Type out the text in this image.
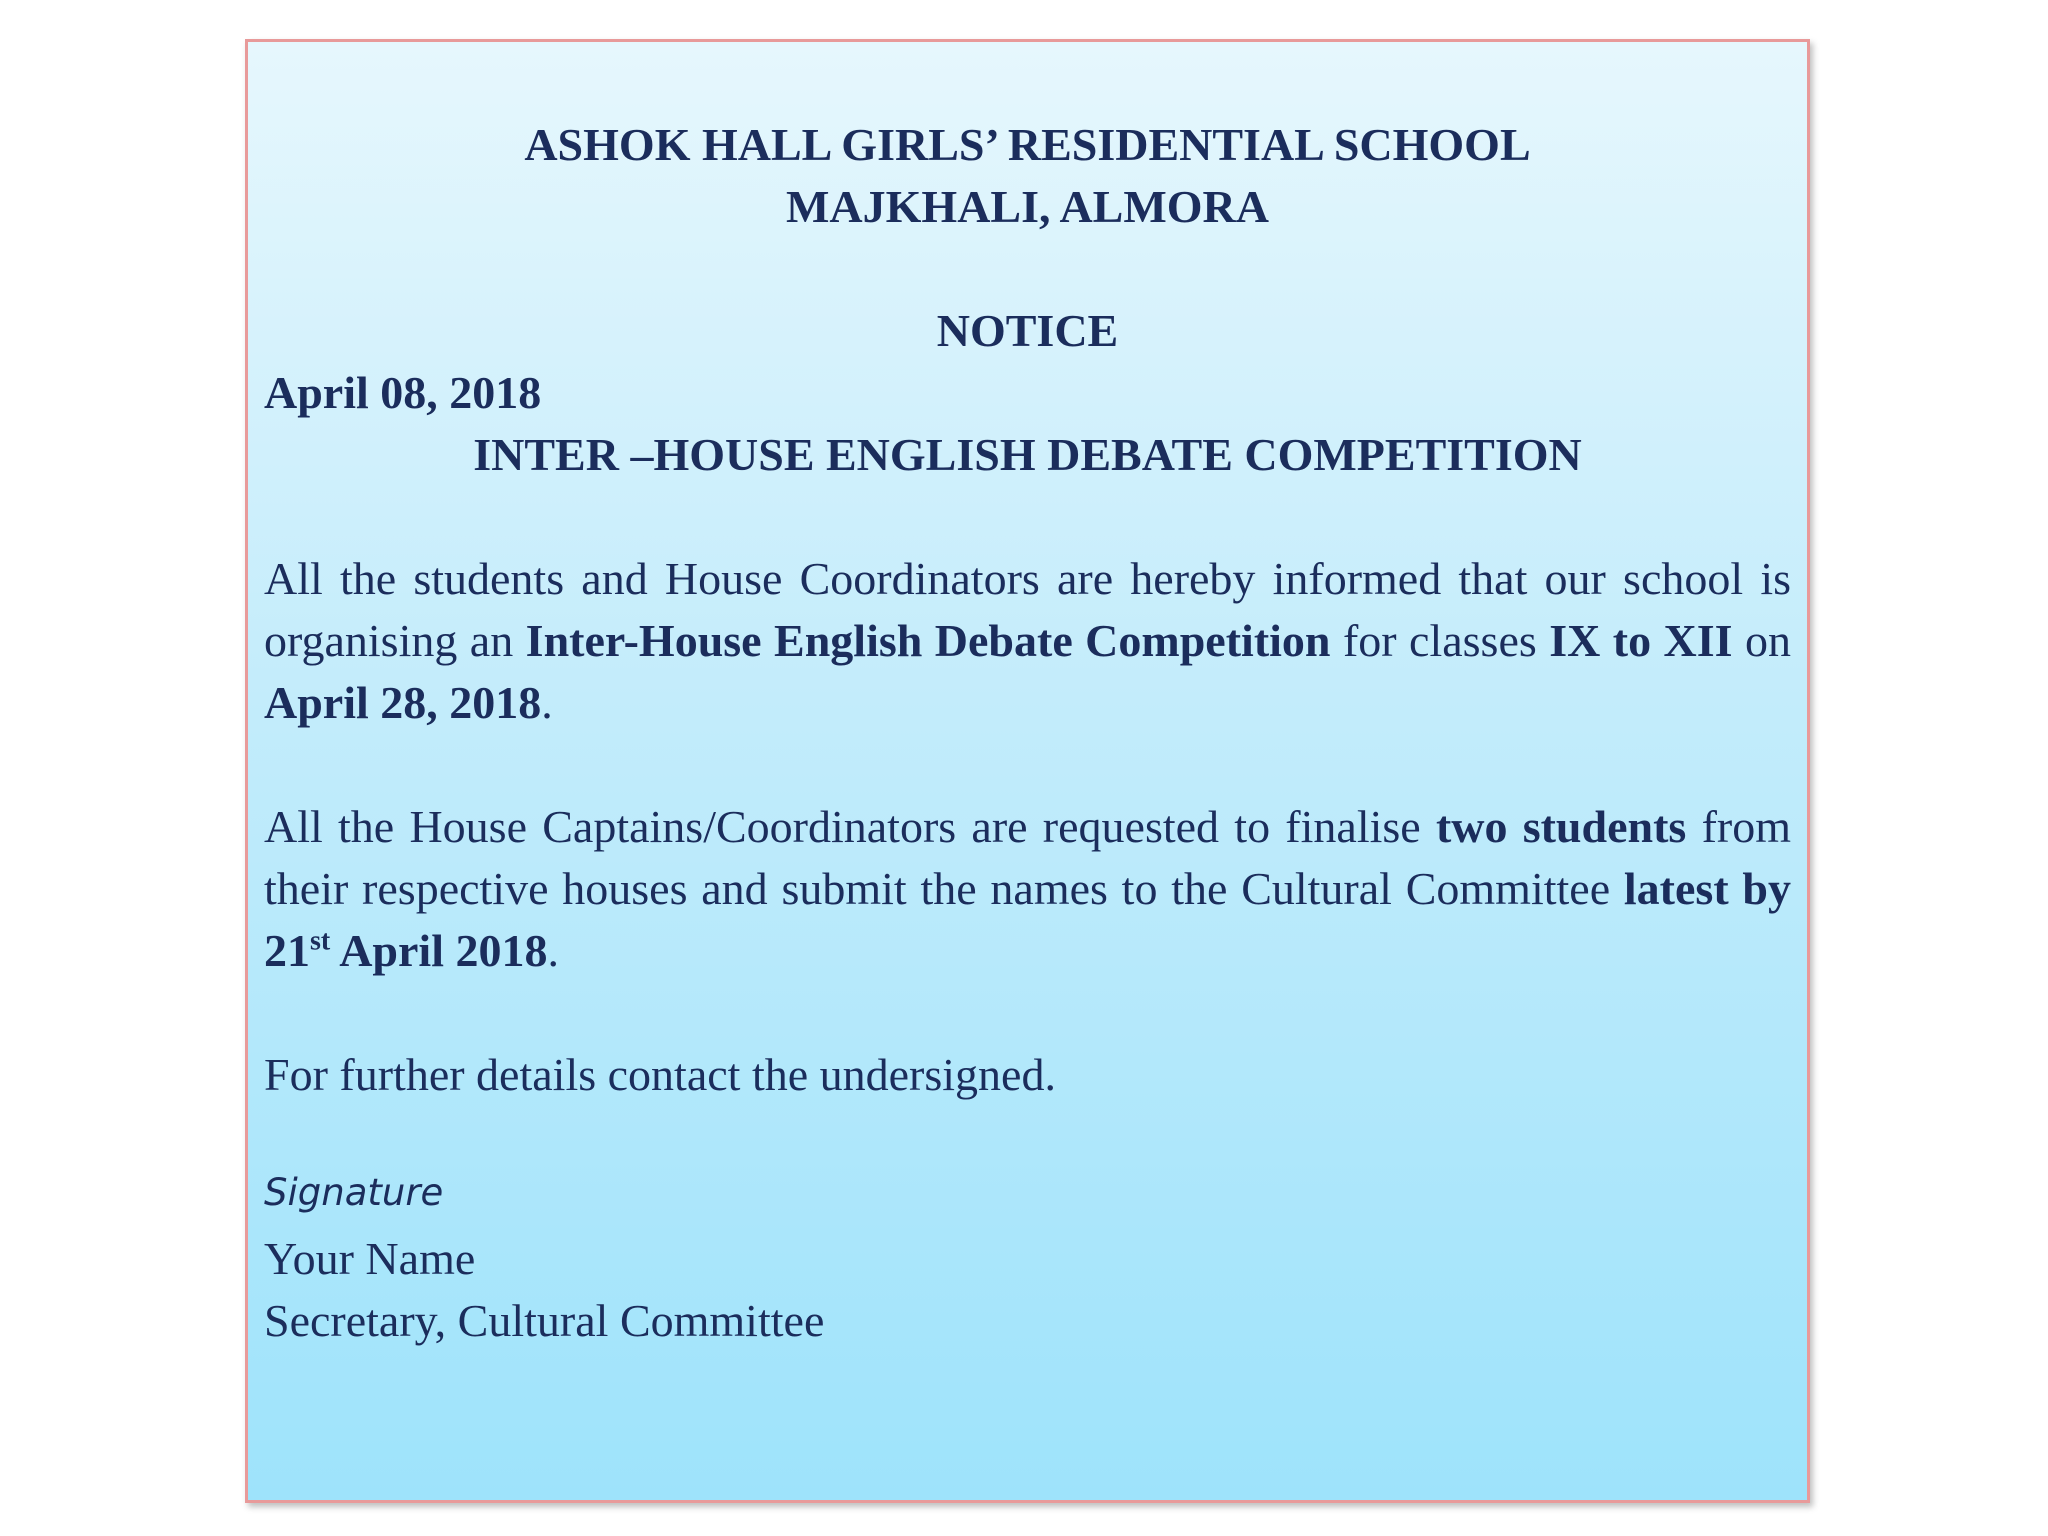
ASHOK HALL GIRLS’ RESIDENTIAL SCHOOL
MAJKHALI, ALMORA
NOTICE
April 08, 2018
INTER –HOUSE ENGLISH DEBATE COMPETITION
All the students and House Coordinators are hereby informed that our school is organising an Inter-House English Debate Competition for classes IX to XII on April 28, 2018.
All the House Captains/Coordinators are requested to finalise two students from their respective houses and submit the names to the Cultural Committee latest by 21st April 2018.
For further details contact the undersigned.
Signature
Your Name
Secretary, Cultural Committee
